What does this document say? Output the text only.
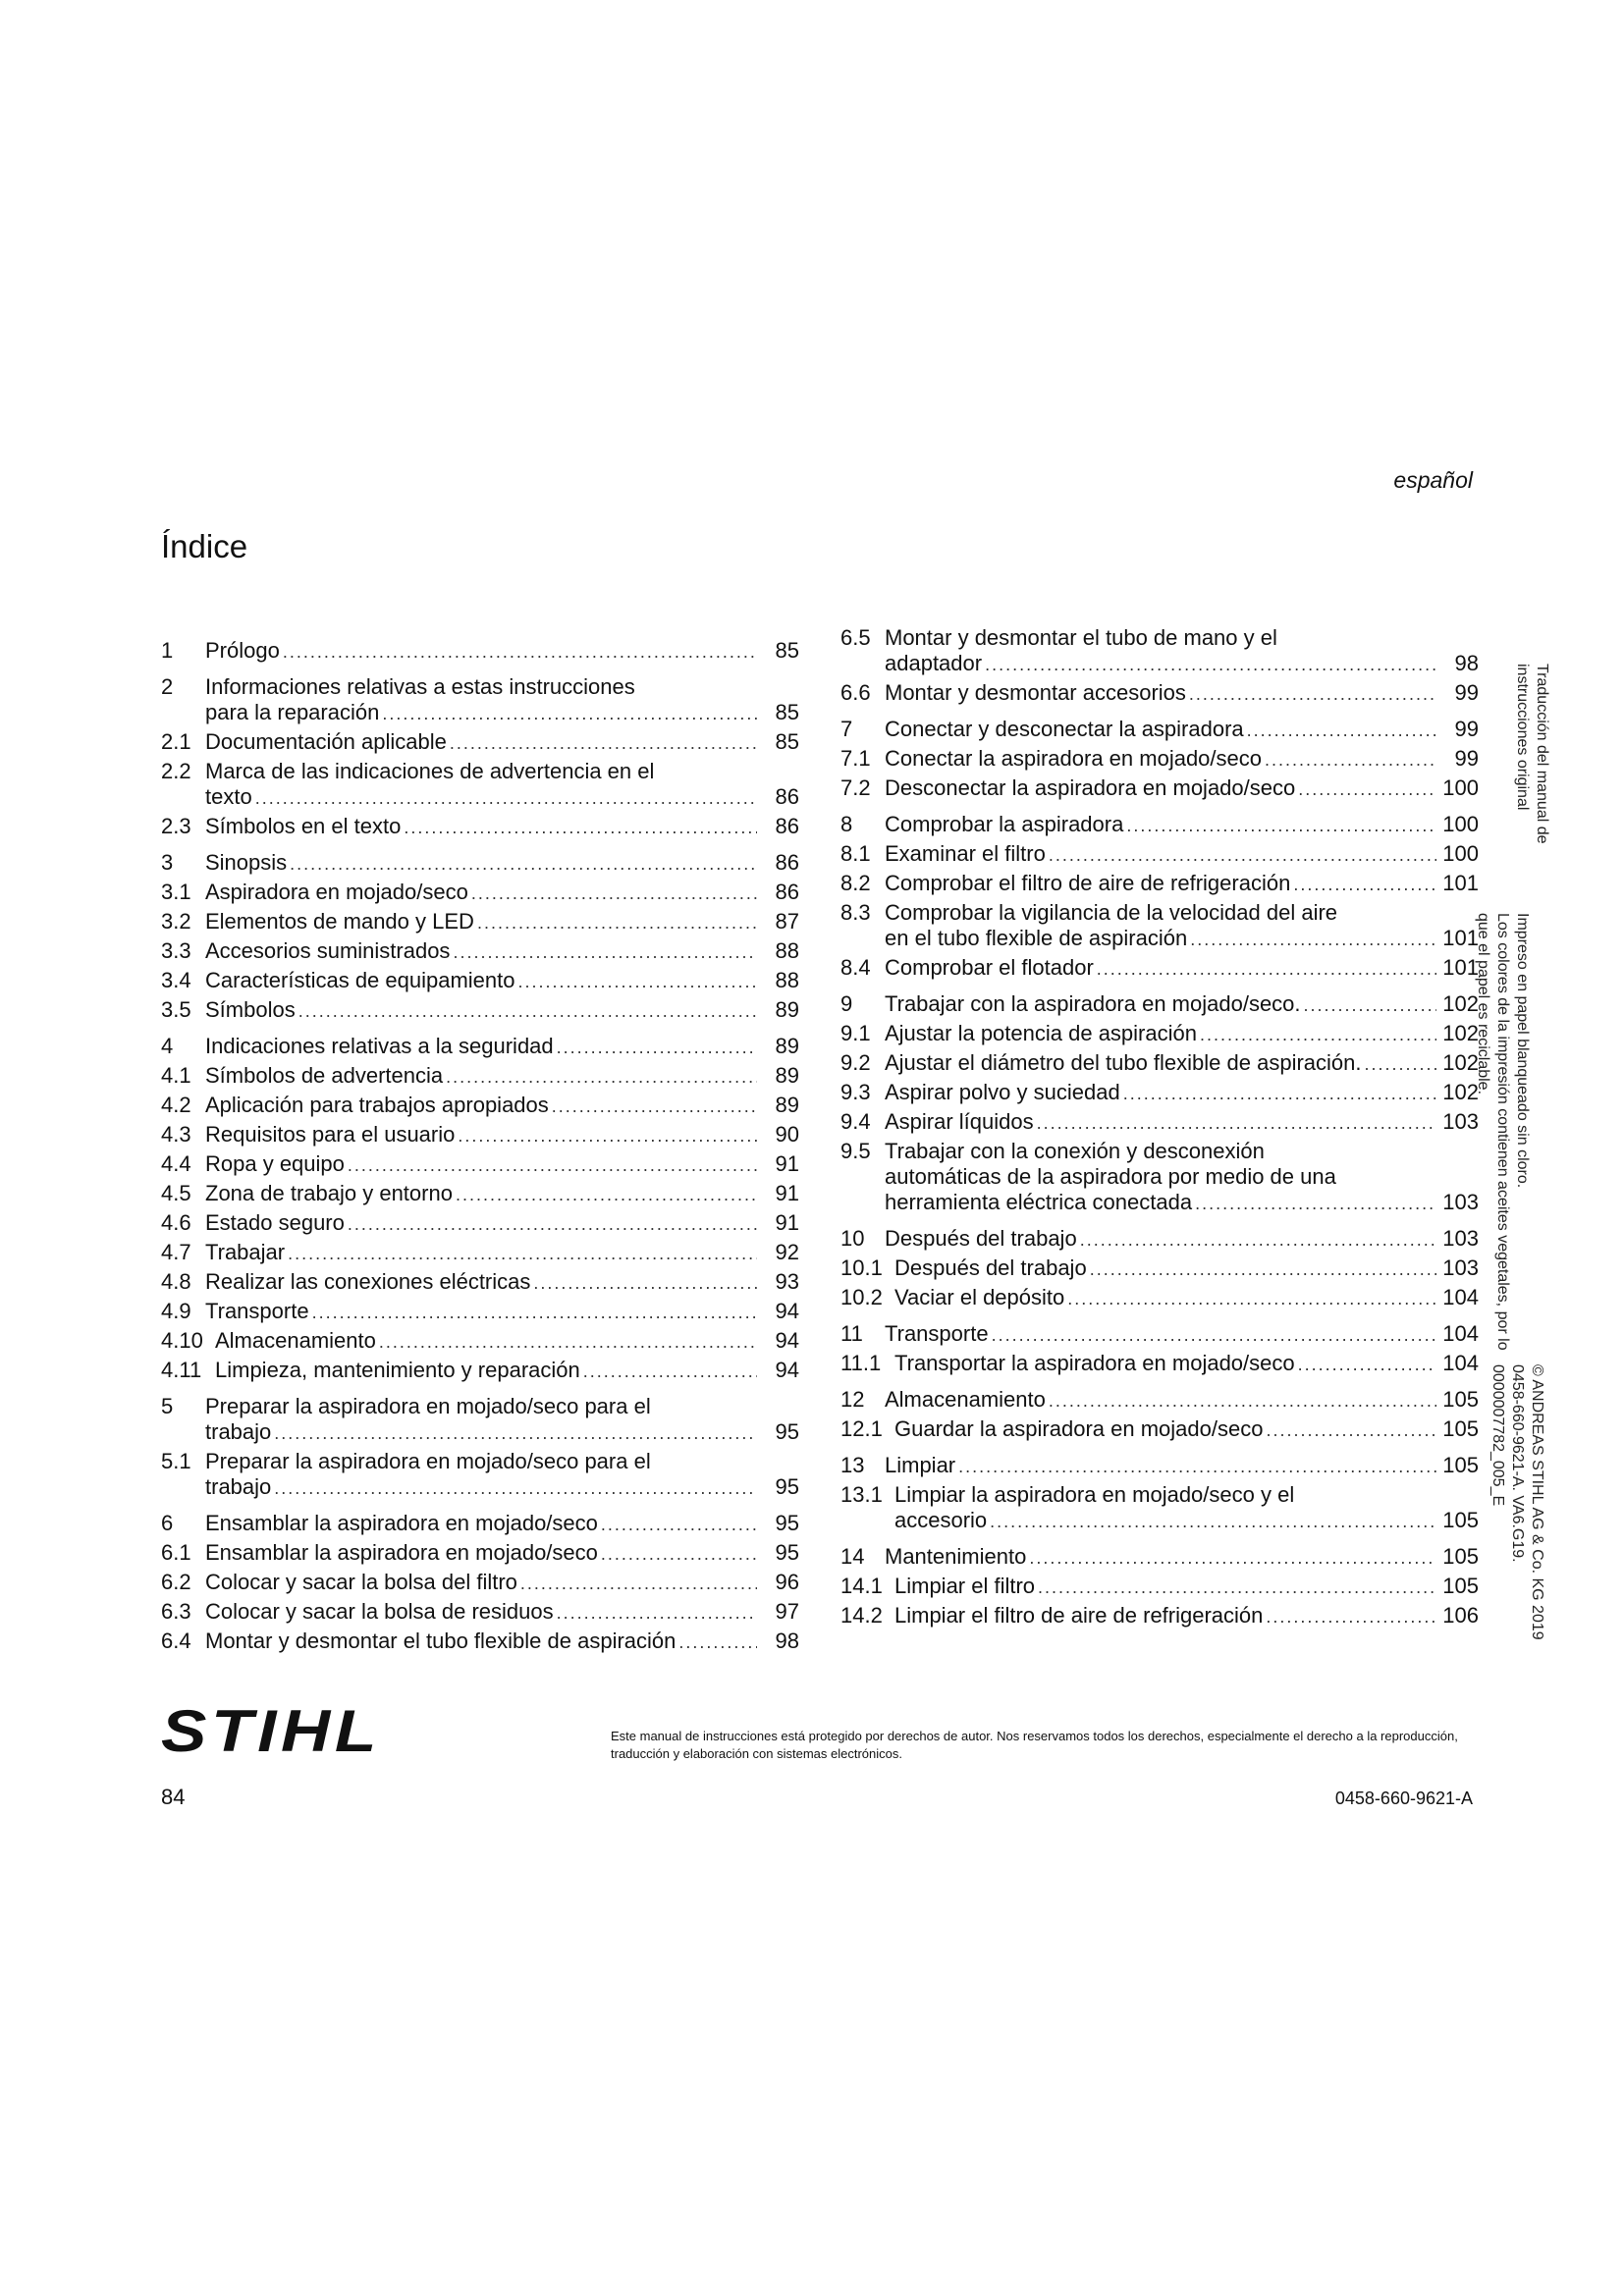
español
Índice
1	Prólogo .....	85
2	Informaciones relativas a estas instrucciones
para la reparación .....	85
2.1 Documentación aplicable .....	85
2.2 Marca de las indicaciones de advertencia en el
texto .....	86
2.3 Símbolos en el texto .....	86
3	Sinopsis .....	86
3.1 Aspiradora en mojado/seco .....	86
3.2 Elementos de mando y LED .....	87
3.3 Accesorios suministrados .....	88
3.4 Características de equipamiento .....	88
3.5 Símbolos .....	89
4	Indicaciones relativas a la seguridad .....	89
4.1 Símbolos de advertencia .....	89
4.2 Aplicación para trabajos apropiados .....	89
4.3 Requisitos para el usuario .....	90
4.4 Ropa y equipo .....	91
4.5 Zona de trabajo y entorno .....	91
4.6 Estado seguro .....	91
4.7 Trabajar .....	92
4.8 Realizar las conexiones eléctricas .....	93
4.9 Transporte .....	94
4.10 Almacenamiento .....	94
4.11 Limpieza, mantenimiento y reparación .....	94
5	Preparar la aspiradora en mojado/seco para el
trabajo .....	95
5.1 Preparar la aspiradora en mojado/seco para el
trabajo .....	95
6	Ensamblar la aspiradora en mojado/seco .....	95
6.1 Ensamblar la aspiradora en mojado/seco .....	95
6.2 Colocar y sacar la bolsa del filtro .....	96
6.3 Colocar y sacar la bolsa de residuos .....	97
6.4 Montar y desmontar el tubo flexible de aspiración .....	98
6.5 Montar y desmontar el tubo de mano y el
adaptador .....	98
6.6 Montar y desmontar accesorios .....	99
7	Conectar y desconectar la aspiradora .....	99
7.1 Conectar la aspiradora en mojado/seco .....	99
7.2 Desconectar la aspiradora en mojado/seco .....	100
8	Comprobar la aspiradora .....	100
8.1 Examinar el filtro .....	100
8.2 Comprobar el filtro de aire de refrigeración .....	101
8.3 Comprobar la vigilancia de la velocidad del aire
en el tubo flexible de aspiración .....	101
8.4 Comprobar el flotador .....	101
9	Trabajar con la aspiradora en mojado/seco. .....	102
9.1 Ajustar la potencia de aspiración .....	102
9.2 Ajustar el diámetro del tubo flexible de aspiración. .....	102
9.3 Aspirar polvo y suciedad .....	102
9.4 Aspirar líquidos .....	103
9.5 Trabajar con la conexión y desconexión
automáticas de la aspiradora por medio de una
herramienta eléctrica conectada .....	103
10 Después del trabajo .....	103
10.1 Después del trabajo .....	103
10.2 Vaciar el depósito .....	104
11	Transporte .....	104
11.1 Transportar la aspiradora en mojado/seco .....	104
12 Almacenamiento .....	105
12.1 Guardar la aspiradora en mojado/seco .....	105
13 Limpiar .....	105
13.1 Limpiar la aspiradora en mojado/seco y el
accesorio .....	105
14 Mantenimiento .....	105
14.1 Limpiar el filtro .....	105
14.2 Limpiar el filtro de aire de refrigeración .....	106
Traducción del manual de
instrucciones original
Impreso en papel blanqueado sin cloro.
Los colores de la impresión contienen aceites vegetales, por lo
que el papel es reciclable.
© ANDREAS STIHL AG & Co. KG 2019
0458-660-9621-A. VA6.G19.
0000007782_005_E
STIHL	Este manual de instrucciones está protegido por derechos de autor. Nos reservamos todos los derechos, especialmente el derecho a la reproducción, traducción y elaboración con sistemas electrónicos.
84	0458-660-9621-A
